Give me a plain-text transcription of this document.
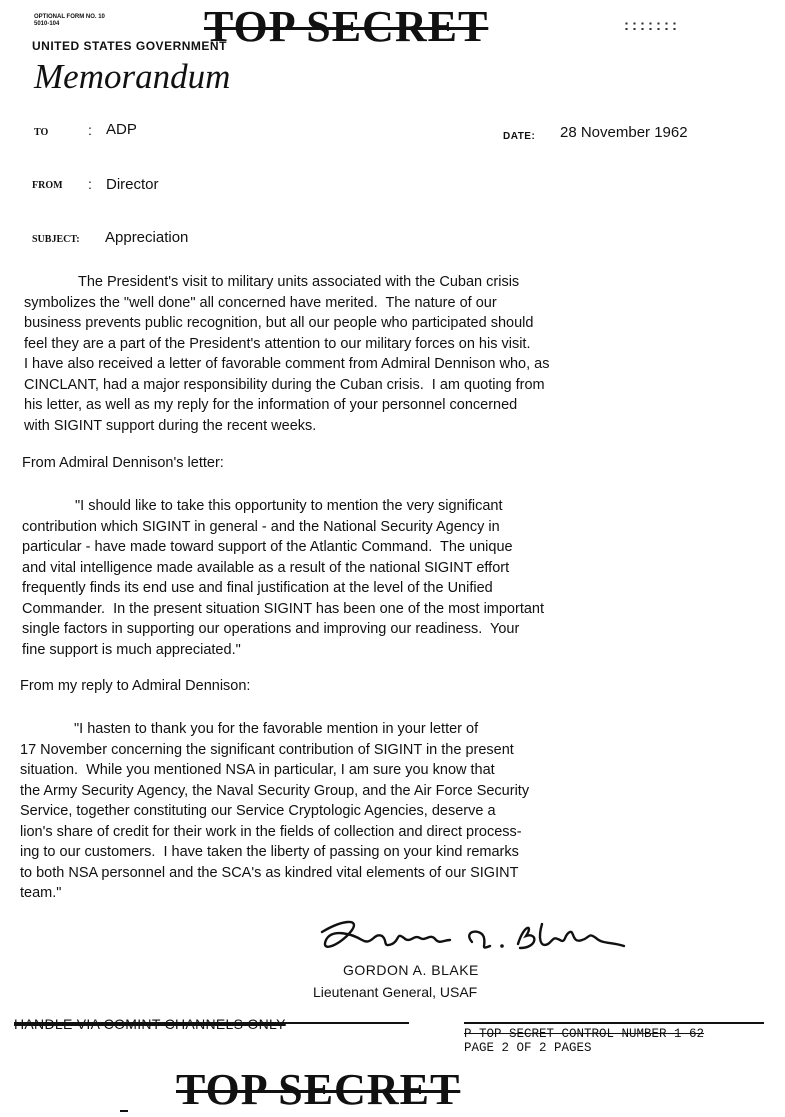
OPTIONAL FORM NO. 10
5010-104	TOP SECRET	:::::::
UNITED STATES GOVERNMENT
Memorandum
TO	: ADP	DATE: 28 November 1962
FROM : Director
SUBJECT: Appreciation
The President's visit to military units associated with the Cuban crisis
symbolizes the "well done" all concerned have merited.  The nature of our
business prevents public recognition, but all our people who participated should
feel they are a part of the President's attention to our military forces on his visit.
I have also received a letter of favorable comment from Admiral Dennison who, as
CINCLANT, had a major responsibility during the Cuban crisis.  I am quoting from
his letter, as well as my reply for the information of your personnel concerned
with SIGINT support during the recent weeks.
From Admiral Dennison's letter:
"I should like to take this opportunity to mention the very significant
contribution which SIGINT in general - and the National Security Agency in
particular - have made toward support of the Atlantic Command.  The unique
and vital intelligence made available as a result of the national SIGINT effort
frequently finds its end use and final justification at the level of the Unified
Commander.  In the present situation SIGINT has been one of the most important
single factors in supporting our operations and improving our readiness.  Your
fine support is much appreciated."
From my reply to Admiral Dennison:
"I hasten to thank you for the favorable mention in your letter of
17 November concerning the significant contribution of SIGINT in the present
situation.  While you mentioned NSA in particular, I am sure you know that
the Army Security Agency, the Naval Security Group, and the Air Force Security
Service, together constituting our Service Cryptologic Agencies, deserve a
lion's share of credit for their work in the fields of collection and direct process-
ing to our customers.  I have taken the liberty of passing on your kind remarks
to both NSA personnel and the SCA's as kindred vital elements of our SIGINT
team."
GORDON A. BLAKE
Lieutenant General, USAF
HANDLE VIA COMINT CHANNELS ONLY
P TOP SECRET CONTROL NUMBER 1-62
PAGE 2 OF 2 PAGES
TOP SECRET
